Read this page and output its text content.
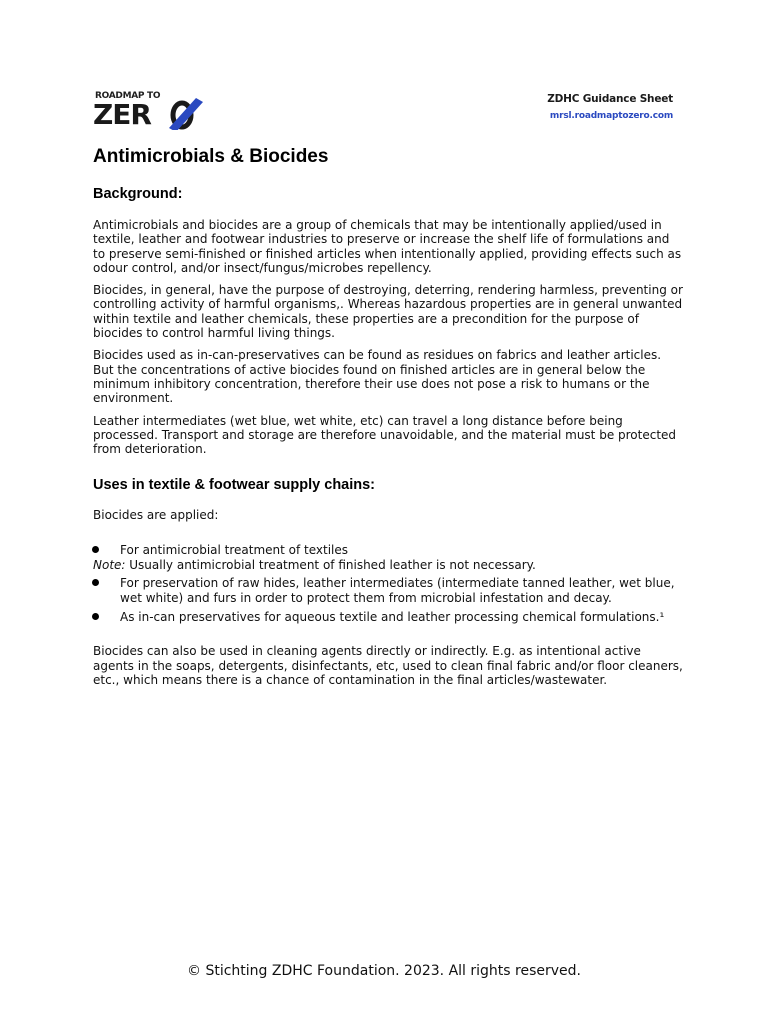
ROADMAP TO
ZER	ZDHC Guidance Sheet
mrsl.roadmaptozero.com
Antimicrobials & Biocides
Background:

Antimicrobials and biocides are a group of chemicals that may be intentionally applied/used in textile, leather and footwear industries to preserve or increase the shelf life of formulations and to preserve semi-finished or finished articles when intentionally applied, providing effects such as odour control, and/or insect/fungus/microbes repellency.

Biocides, in general, have the purpose of destroying, deterring, rendering harmless, preventing or controlling activity of harmful organisms,. Whereas hazardous properties are in general unwanted within textile and leather chemicals, these properties are a precondition for the purpose of biocides to control harmful living things.

Biocides used as in-can-preservatives can be found as residues on fabrics and leather articles. But the concentrations of active biocides found on finished articles are in general below the minimum inhibitory concentration, therefore their use does not pose a risk to humans or the environment.

Leather intermediates (wet blue, wet white, etc) can travel a long distance before being processed. Transport and storage are therefore unavoidable, and the material must be protected from deterioration.

Uses in textile & footwear supply chains:

Biocides are applied:

For antimicrobial treatment of textiles

Note: Usually antimicrobial treatment of finished leather is not necessary.

For preservation of raw hides, leather intermediates (intermediate tanned leather, wet blue, wet white) and furs in order to protect them from microbial infestation and decay.
As in-can preservatives for aqueous textile and leather processing chemical formulations.¹

Biocides can also be used in cleaning agents directly or indirectly. E.g. as intentional active agents in the soaps, detergents, disinfectants, etc, used to clean final fabric and/or floor cleaners, etc., which means there is a chance of contamination in the final articles/wastewater.

© Stichting ZDHC Foundation. 2023. All rights reserved.
